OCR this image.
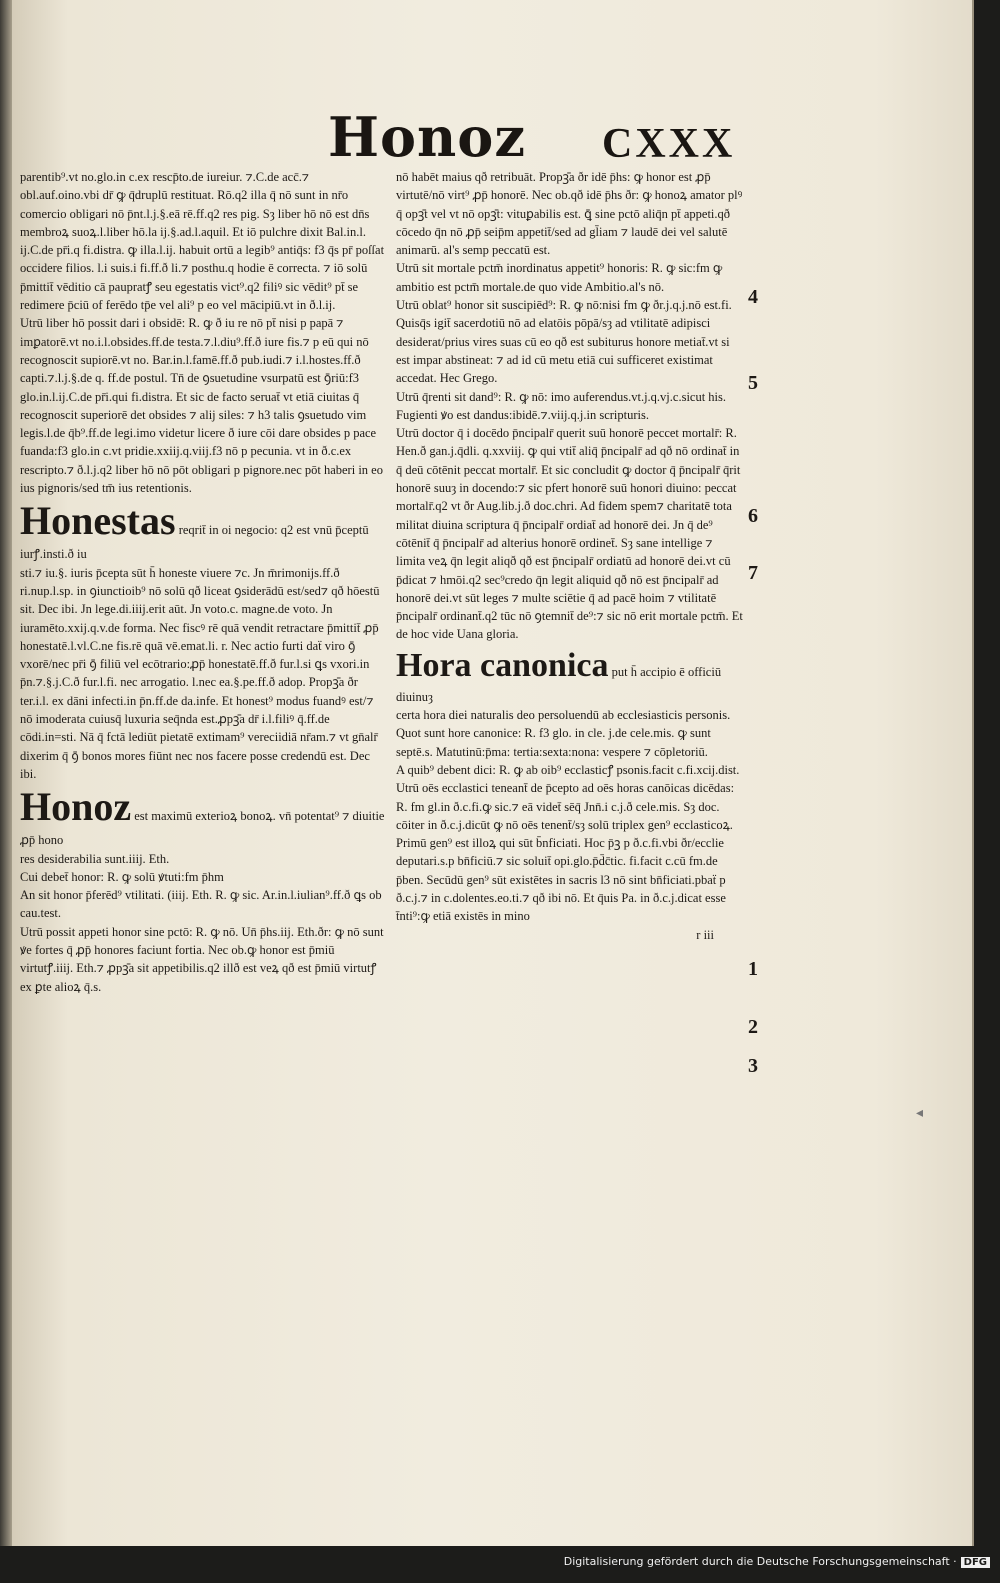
Honoz CXXX

parentib⁹.vt no.glo.in c.ex rescp̄to.de iureiur. ⁊.C.de acc̄.⁊ obl.auf.oino.vbi dr̄ ꝙ q̄druplū restituat. Rō.q2 illa q̄ nō sunt in nr̄o comercio obligari nō p̄nt.l.j.§.eā rē.ff.q2 res pig. Sȝ liber hō nō est dn̄s membroꝝ suoꝝ.l.liber hō.la ij.§.ad.l.aquil. Et iō pulchre dixit Bal.in.l. ij.C.de pr̄i.q fi.distra. ꝙ illa.l.ij. habuit ortū a legib⁹ antiq̄s: f3 q̄s pr̄ poſſat occidere filios. l.i suis.i fi.ff.ð li.⁊ posthu.q hodie ē correcta. ⁊ iō solū p̄mittit̄ vēditio cā paupratꝭ seu egestatis vict⁹.q2 filiꝰ sic vēdit⁹ pt̄ se redimere p̄ciū of ferēdo tp̄e vel ali⁹ p eo vel mācipiū.vt in ð.l.ij.

Utrū liber hō possit dari i obsidē: R. ꝙ ð iu re nō pt̄ nisi p papā ⁊ imꝑatorē.vt no.i.l.obsides.ff.de testa.⁊.l.diu⁹.ff.ð iure fis.⁊ p eū qui nō recognoscit supiorē.vt no. Bar.in.l.famē.ff.ð pub.iudi.⁊ i.l.hostes.ff.ð capti.⁊.l.j.§.de q. ff.de postul. Tn̄ de ꝯsuetudine vsurpatū est ꝯ̄riū:f3 glo.in.l.ij.C.de pr̄i.qui fi.distra. Et sic de facto seruat̄ vt etiā ciuitas q̄ recognoscit superiorē det obsides ⁊ alij siles: ⁊ h3 talis ꝯsuetudo vim legis.l.de q̄b⁹.ff.de legi.imo videtur licere ð iure cōi dare obsides p pace fuanda:f3 glo.in c.vt pridie.xxiij.q.viij.f3 nō p pecunia. vt in ð.c.ex rescripto.⁊ ð.l.j.q2 liber hō nō pōt obligari p pignore.nec pōt haberi in eo ius pignoris/sed tm̄ ius retentionis.

Honestas reqrit̄ in oi negocio: q2 est vnū p̄ceptū iurꝭ.insti.ð iu

sti.⁊ iu.§. iuris p̄cepta sūt h̄ honeste viuere ⁊c. Jn m̄rimonijs.ff.ð ri.nup.l.sp. in ꝯiunctioib⁹ nō solū qð liceat ꝯsiderādū est/sed⁊ qð hōestū sit. Dec ibi. Jn lege.di.iiij.erit aūt. Jn voto.c. magne.de voto. Jn iuramēto.xxij.q.v.de forma. Nec fiscꝰ rē quā vendit retractare p̄mittit̄ ꝓp̄ honestatē.l.vl.C.ne fis.rē quā vē.emat.li. r. Nec actio furti daẗ viro ꝯ̄ vxorē/nec pr̄i ꝯ̄ filiū vel ecōtrario:ꝓp̄ honestatē.ff.ð fur.l.si ꝗs vxori.in p̄n.⁊.§.j.C.ð fur.l.fi. nec arrogatio. l.nec ea.§.pe.ff.ð adop. Propꝫ̄a ðr ter.i.l. ex dāni infecti.in p̄n.ff.de da.infe. Et honest⁹ modus fuandꝰ est/⁊ nō imoderata cuiusq̄ luxuria seq̄nda est.ꝓpꝫ̄a dr̄ i.l.filiꝰ q̄.ff.de cōdi.in=sti. Nā q̄ fctā lediūt pietatē extimam⁹ vereciidiā nr̄am.⁊ vt gn̄alr̄ dixerim q̄ ꝯ̄ bonos mores fiūnt nec nos facere posse credendū est. Dec ibi.

Honoz est maximū exterioꝝ bonoꝝ. vn̄ potentat⁹ ⁊ diuitie ꝓp̄ hono

res desiderabilia sunt.iiij. Eth.

Cui debet̄ honor: R. ꝙ solū ꝟtuti:fm p̄hm

An sit honor p̄ferēd⁹ vtilitati. (iiij. Eth. R. ꝙ sic. Ar.in.l.iulian⁹.ff.ð ꝗs ob cau.test.

Utrū possit appeti honor sine pctō: R. ꝙ nō. Un̄ p̄hs.iij. Eth.ðr: ꝙ nō sunt ꝟe fortes q̄ ꝓp̄ honores faciunt fortia. Nec ob.ꝙ honor est p̄miū virtutꝭ.iiij. Eth.⁊ ꝓpꝫ̄a sit appetibilis.q2 illð est veꝝ qð est p̄miū virtutꝭ ex ꝑte alioꝝ q̄.s.

nō habēt maius qð retribuāt. Propꝫ̄a ðr idē p̄hs: ꝙ honor est ꝓp̄ virtutē/nō virt⁹ ꝓp̄ honorē. Nec ob.qð idē p̄hs ðr: ꝙ honoꝝ amator plꝰ q̄ opꝫ̄t vel vt nō opꝫ̄t: vituꝑabilis est. ꝗ̄ sine pctō aliq̄n pt̄ appeti.qð cōcedo q̄n nō ꝓp̄ seip̄m appetit̄/sed ad gl̄iam ⁊ laudē dei vel salutē animarū. al's semp peccatū est.

Utrū sit mortale pctm̄ inordinatus appetit⁹ honoris: R. ꝙ sic:fm ꝙ ambitio est pctm̄ mortale.de quo vide Ambitio.al's nō.

Utrū oblat⁹ honor sit suscipiēd⁹: R. ꝙ nō:nisi fm ꝙ ðr.j.q.j.nō est.fi. Quisq̄s igit̄ sacerdotiū nō ad elatōis pōpā/sȝ ad vtilitatē adipisci desiderat/prius vires suas cū eo qð est subiturus honore metiat̄.vt si est impar abstineat: ⁊ ad id cū metu etiā cui sufficeret existimat accedat. Hec Grego.

Utrū q̄renti sit dand⁹: R. ꝙ nō: imo auferendus.vt.j.q.vj.c.sicut his. Fugienti ꝟo est dandus:ibidē.⁊.viij.q.j.in scripturis.

Utrū doctor q̄ i docēdo p̄ncipalr̄ querit suū honorē peccet mortalr̄: R. Hen.ð gan.j.q̄dli. q.xxviij. ꝙ qui vtit̄ aliq̄ p̄ncipalr̄ ad qð nō ordinat̄ in q̄ deū cōtēnit peccat mortalr̄. Et sic concludit ꝙ doctor q̄ p̄ncipalr̄ q̄rit honorē suuȝ in docendo:⁊ sic pfert honorē suū honori diuino: peccat mortalr̄.q2 vt ðr Aug.lib.j.ð doc.chri. Ad fidem spem⁊ charitatē tota militat diuina scriptura q̄ p̄ncipalr̄ ordiat̄ ad honorē dei. Jn q̄ de⁹ cōtēnit̄ q̄ p̄ncipalr̄ ad alterius honorē ordinet̄. Sȝ sane intellige ⁊ limita veꝝ q̄n legit aliqð qð est p̄ncipalr̄ ordiatū ad honorē dei.vt cū p̄dicat ⁊ hmōi.q2 sec⁹credo q̄n legit aliquid qð nō est p̄ncipalr̄ ad honorē dei.vt sūt leges ⁊ multe sciētie q̄ ad pacē hoim ⁊ vtilitatē p̄ncipalr̄ ordinant̄.q2 tūc nō ꝯtemnit̄ de⁹:⁊ sic nō erit mortale pctm̄. Et de hoc vide Uana gloria.

Hora canonica put h̄ accipio ē officiū diuinuȝ

certa hora diei naturalis deo persoluendū ab ecclesiasticis personis.

Quot sunt hore canonice: R. f3 glo. in cle. j.de cele.mis. ꝙ sunt septē.s. Matutinū:p̄ma: tertia:sexta:nona: vespere ⁊ cōpletoriū.

A quib⁹ debent dici: R. ꝙ ab oib⁹ ecclasticꝭ psonis.facit c.fi.xcij.dist.

Utrū oēs ecclastici teneant̄ de p̄cepto ad oēs horas canōicas dicēdas: R. fm gl.in ð.c.fi.ꝙ sic.⁊ eā videt̄ sēq̄ Jnn̄.i c.j.ð cele.mis. Sȝ doc. cōiter in ð.c.j.dicūt ꝙ nō oēs tenent̄/sȝ solū triplex gen⁹ ecclasticoꝝ. Primū gen⁹ est illoꝝ qui sūt b̄nficiati. Hoc p̄ꝫ p ð.c.fi.vbi ðr/ecclie deputari.s.p bn̄ficiū.⁊ sic soluit̄ opi.glo.p̄d̄c̄tic. fi.facit c.cū fm.de p̄ben. Secūdū gen⁹ sūt existētes in sacris l3 nō sint bn̄ficiati.pbaẗ p ð.c.j.⁊ in c.dolentes.eo.ti.⁊ qð ibi nō. Et q̄uis Pa. in ð.c.j.dicat esse t̄nti⁹:ꝙ etiā existēs in mino

r iii
4
5
6
7
1
2
3
◂
Digitalisierung gefördert durch die Deutsche Forschungsgemeinschaft · DFG
